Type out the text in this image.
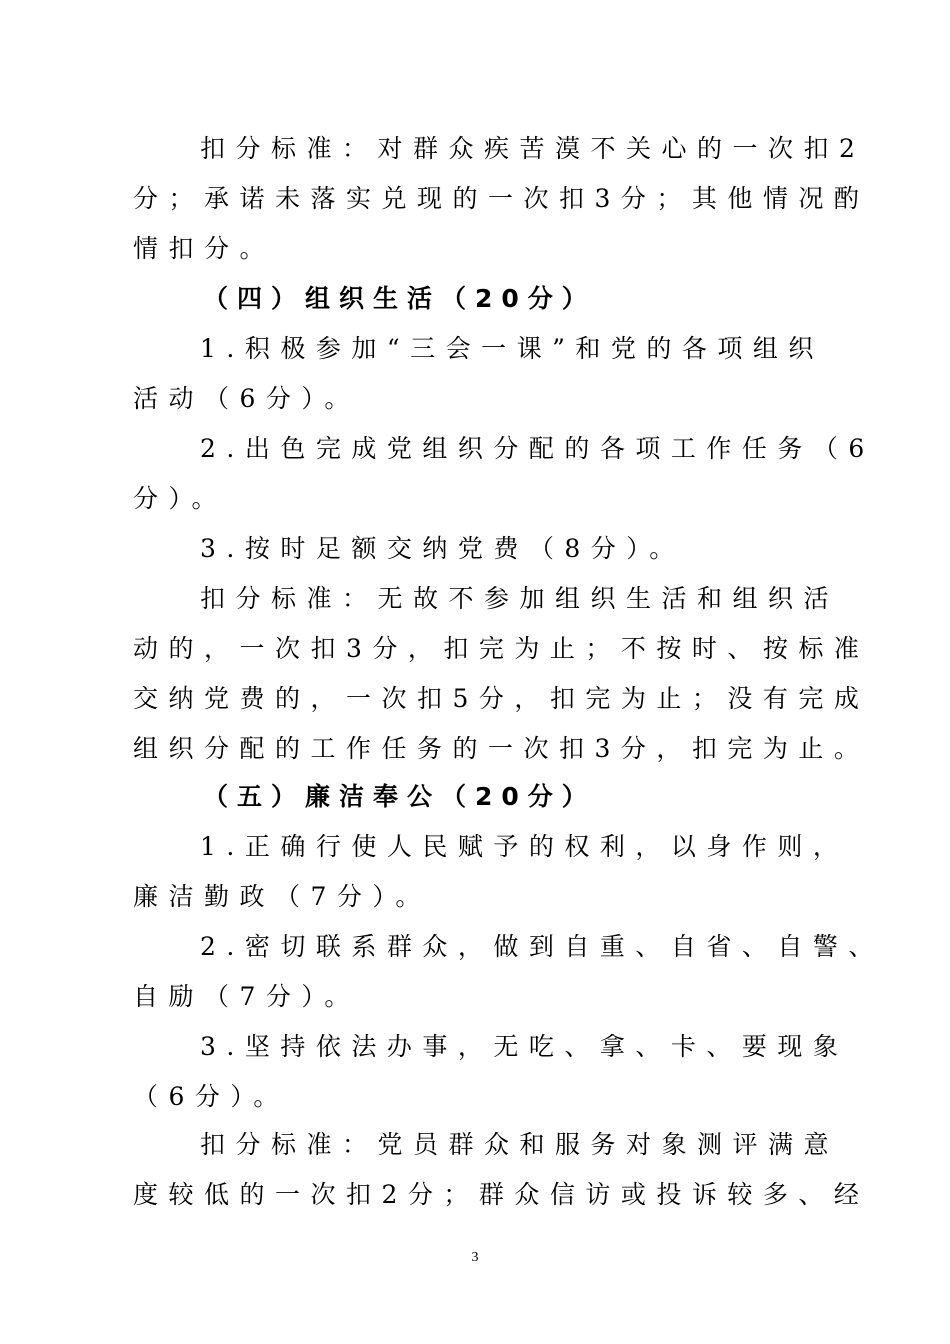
扣分标准：对群众疾苦漠不关心的一次扣2
分；承诺未落实兑现的一次扣3分；其他情况酌
情扣分。
（四）组织生活（20分）
1.积极参加“三会一课”和党的各项组织
活动（6分）。
2.出色完成党组织分配的各项工作任务（6
分）。
3.按时足额交纳党费（8分）。
扣分标准：无故不参加组织生活和组织活
动的，一次扣3分，扣完为止；不按时、按标准
交纳党费的，一次扣5分，扣完为止；没有完成
组织分配的工作任务的一次扣3分，扣完为止。
（五）廉洁奉公（20分）
1.正确行使人民赋予的权利，以身作则，
廉洁勤政（7分）。
2.密切联系群众，做到自重、自省、自警、
自励（7分）。
3.坚持依法办事，无吃、拿、卡、要现象
（6分）。
扣分标准：党员群众和服务对象测评满意
度较低的一次扣2分；群众信访或投诉较多、经
3
